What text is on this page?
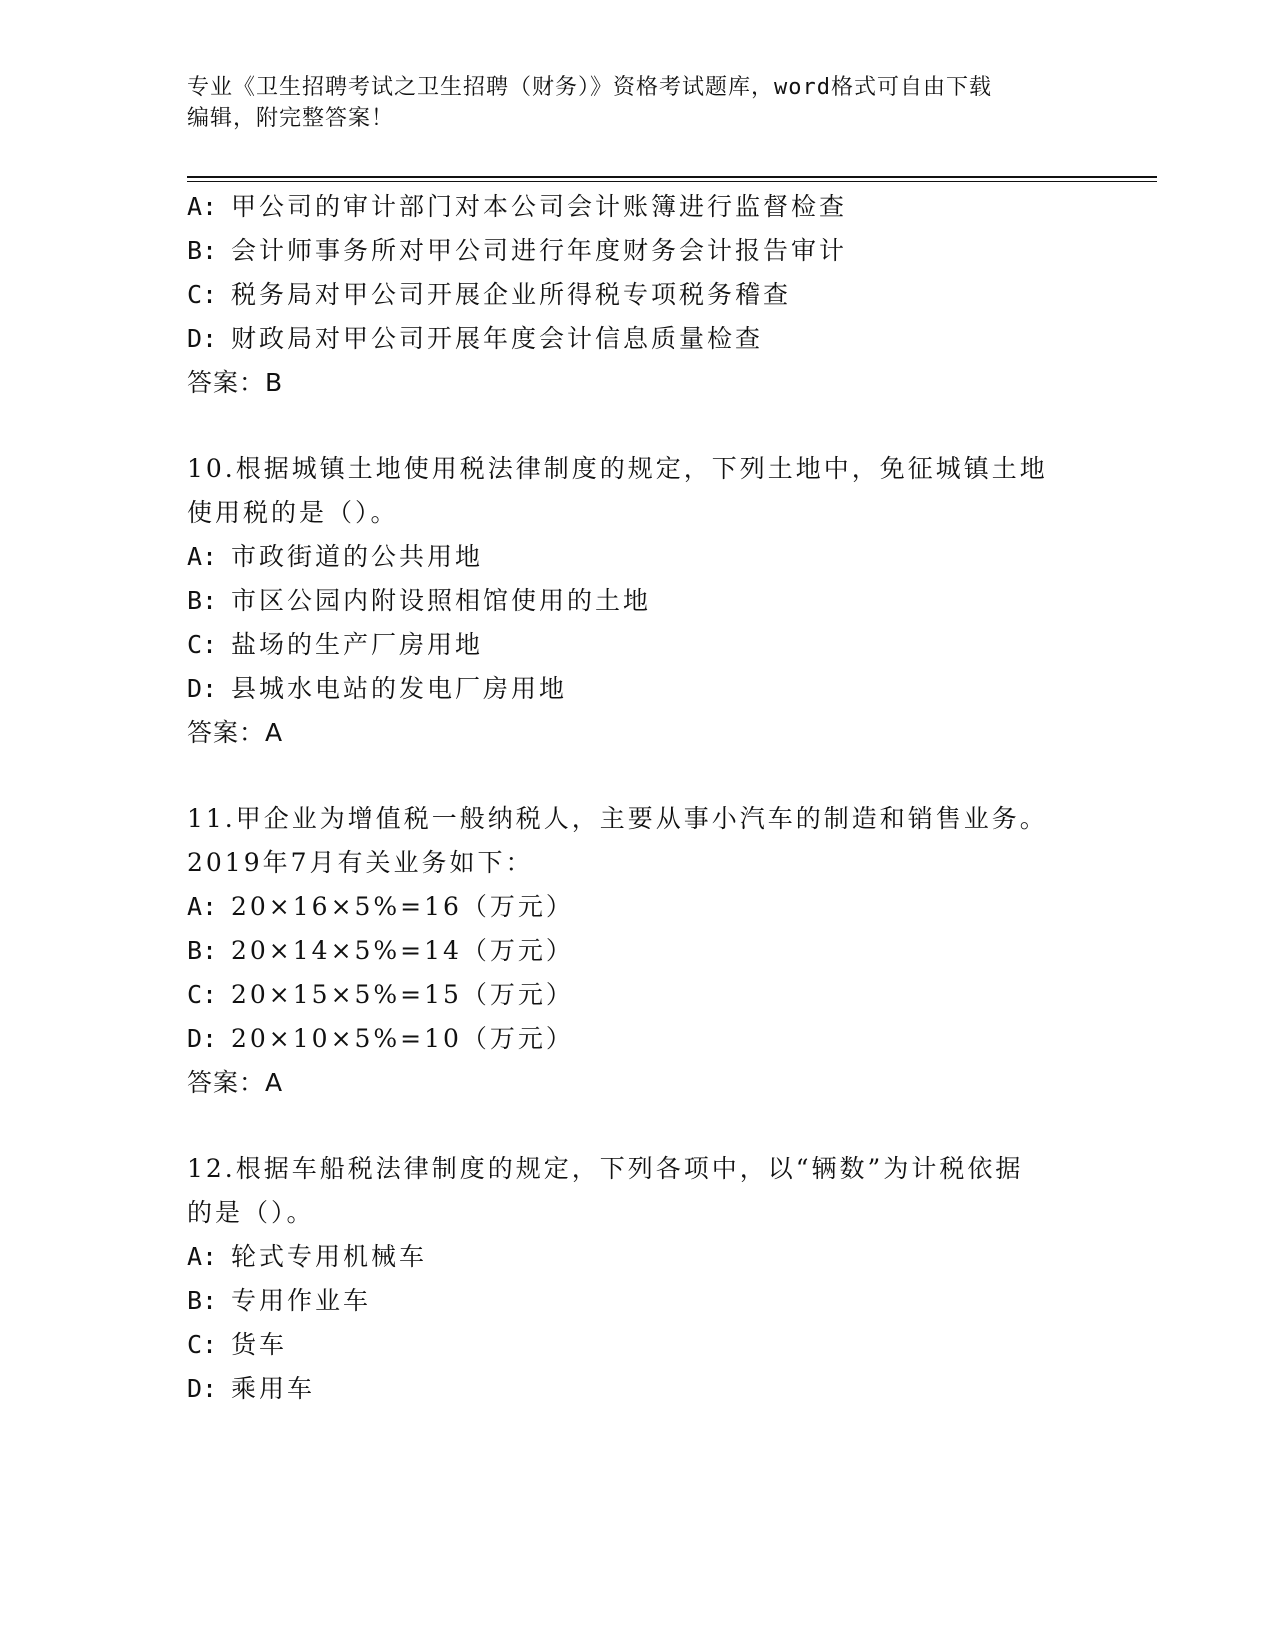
专业《卫生招聘考试之卫生招聘（财务）》资格考试题库，word格式可自由下载
编辑，附完整答案！
A: 甲公司的审计部门对本公司会计账簿进行监督检查
B: 会计师事务所对甲公司进行年度财务会计报告审计
C: 税务局对甲公司开展企业所得税专项税务稽查
D: 财政局对甲公司开展年度会计信息质量检查
答案：B
10.根据城镇土地使用税法律制度的规定，下列土地中，免征城镇土地
使用税的是（）。
A: 市政街道的公共用地
B: 市区公园内附设照相馆使用的土地
C: 盐场的生产厂房用地
D: 县城水电站的发电厂房用地
答案：A
11.甲企业为增值税一般纳税人，主要从事小汽车的制造和销售业务。
2019年7月有关业务如下：
A: 20×16×5%=16（万元）
B: 20×14×5%=14（万元）
C: 20×15×5%=15（万元）
D: 20×10×5%=10（万元）
答案：A
12.根据车船税法律制度的规定，下列各项中，以“辆数”为计税依据
的是（）。
A: 轮式专用机械车
B: 专用作业车
C: 货车
D: 乘用车
